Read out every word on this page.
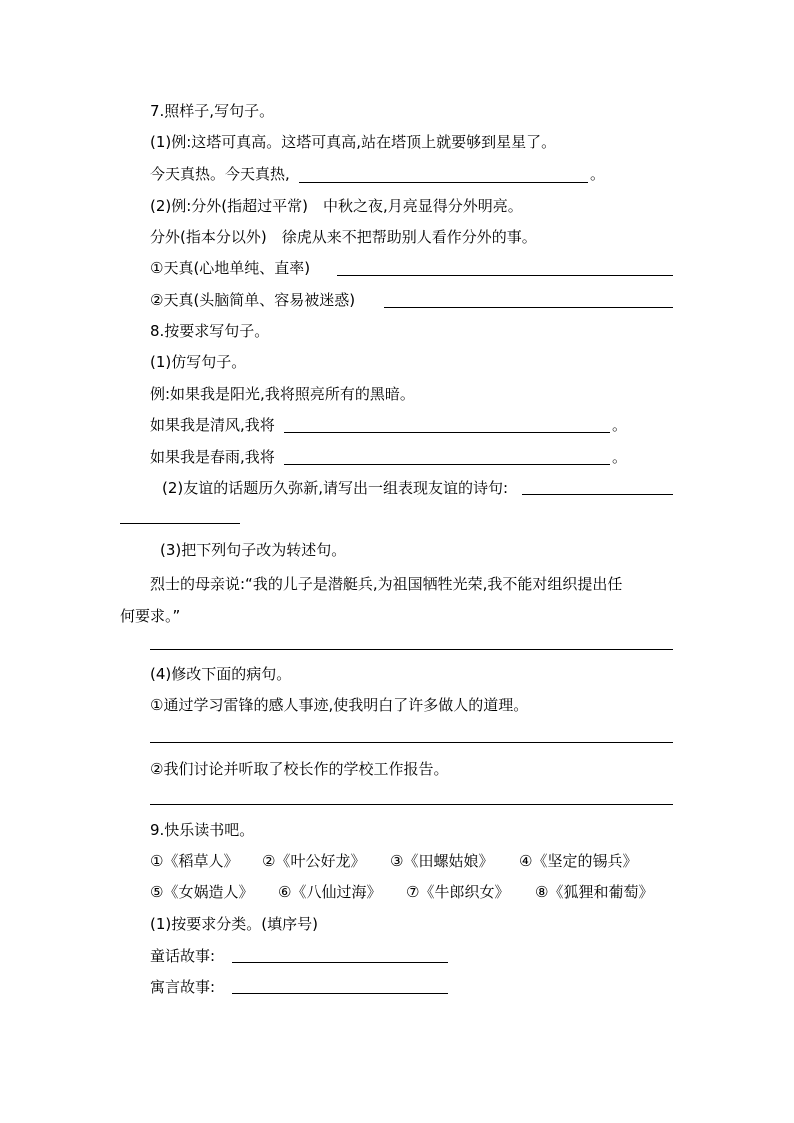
7.照样子,写句子。
(1)例:这塔可真高。这塔可真高,站在塔顶上就要够到星星了。
今天真热。今天真热,	。
(2)例:分外(指超过平常)　中秋之夜,月亮显得分外明亮。
分外(指本分以外)　徐虎从来不把帮助别人看作分外的事。
①天真(心地单纯、直率)
②天真(头脑简单、容易被迷惑)
8.按要求写句子。
(1)仿写句子。
例:如果我是阳光,我将照亮所有的黑暗。
如果我是清风,我将	。
如果我是春雨,我将	。
(2)友谊的话题历久弥新,请写出一组表现友谊的诗句:
(3)把下列句子改为转述句。
烈士的母亲说:“我的儿子是潜艇兵,为祖国牺牲光荣,我不能对组织提出任
何要求。”
(4)修改下面的病句。
①通过学习雷锋的感人事迹,使我明白了许多做人的道理。
②我们讨论并听取了校长作的学校工作报告。
9.快乐读书吧。
①《稻草人》 ②《叶公好龙》 ③《田螺姑娘》 ④《坚定的锡兵》
⑤《女娲造人》 ⑥《八仙过海》 ⑦《牛郎织女》 ⑧《狐狸和葡萄》
(1)按要求分类。(填序号)
童话故事:
寓言故事:
